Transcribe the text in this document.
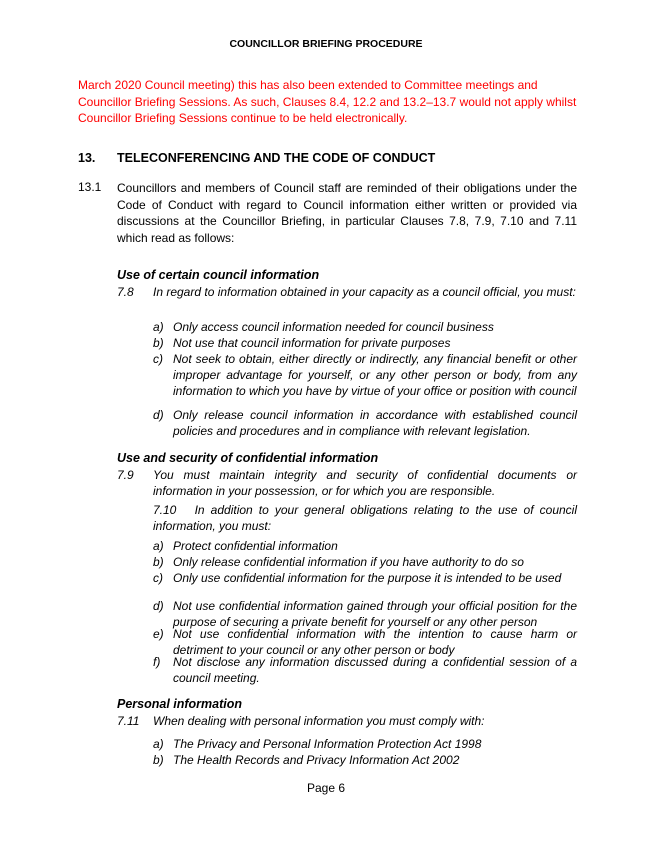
COUNCILLOR BRIEFING PROCEDURE
March 2020 Council meeting) this has also been extended to Committee meetings and Councillor Briefing Sessions. As such, Clauses 8.4, 12.2 and 13.2–13.7 would not apply whilst Councillor Briefing Sessions continue to be held electronically.
13. TELECONFERENCING AND THE CODE OF CONDUCT
13.1 Councillors and members of Council staff are reminded of their obligations under the Code of Conduct with regard to Council information either written or provided via discussions at the Councillor Briefing, in particular Clauses 7.8, 7.9, 7.10 and 7.11 which read as follows:
Use of certain council information
7.8 In regard to information obtained in your capacity as a council official, you must:
a) Only access council information needed for council business
b) Not use that council information for private purposes
c) Not seek to obtain, either directly or indirectly, any financial benefit or other improper advantage for yourself, or any other person or body, from any information to which you have by virtue of your office or position with council
d) Only release council information in accordance with established council policies and procedures and in compliance with relevant legislation.
Use and security of confidential information
7.9 You must maintain integrity and security of confidential documents or information in your possession, or for which you are responsible.
7.10   In addition to your general obligations relating to the use of council information, you must:
a) Protect confidential information
b) Only release confidential information if you have authority to do so
c) Only use confidential information for the purpose it is intended to be used
d) Not use confidential information gained through your official position for the purpose of securing a private benefit for yourself or any other person
e) Not use confidential information with the intention to cause harm or detriment to your council or any other person or body
f) Not disclose any information discussed during a confidential session of a council meeting.
Personal information
7.11 When dealing with personal information you must comply with:
a) The Privacy and Personal Information Protection Act 1998
b) The Health Records and Privacy Information Act 2002
Page 6
